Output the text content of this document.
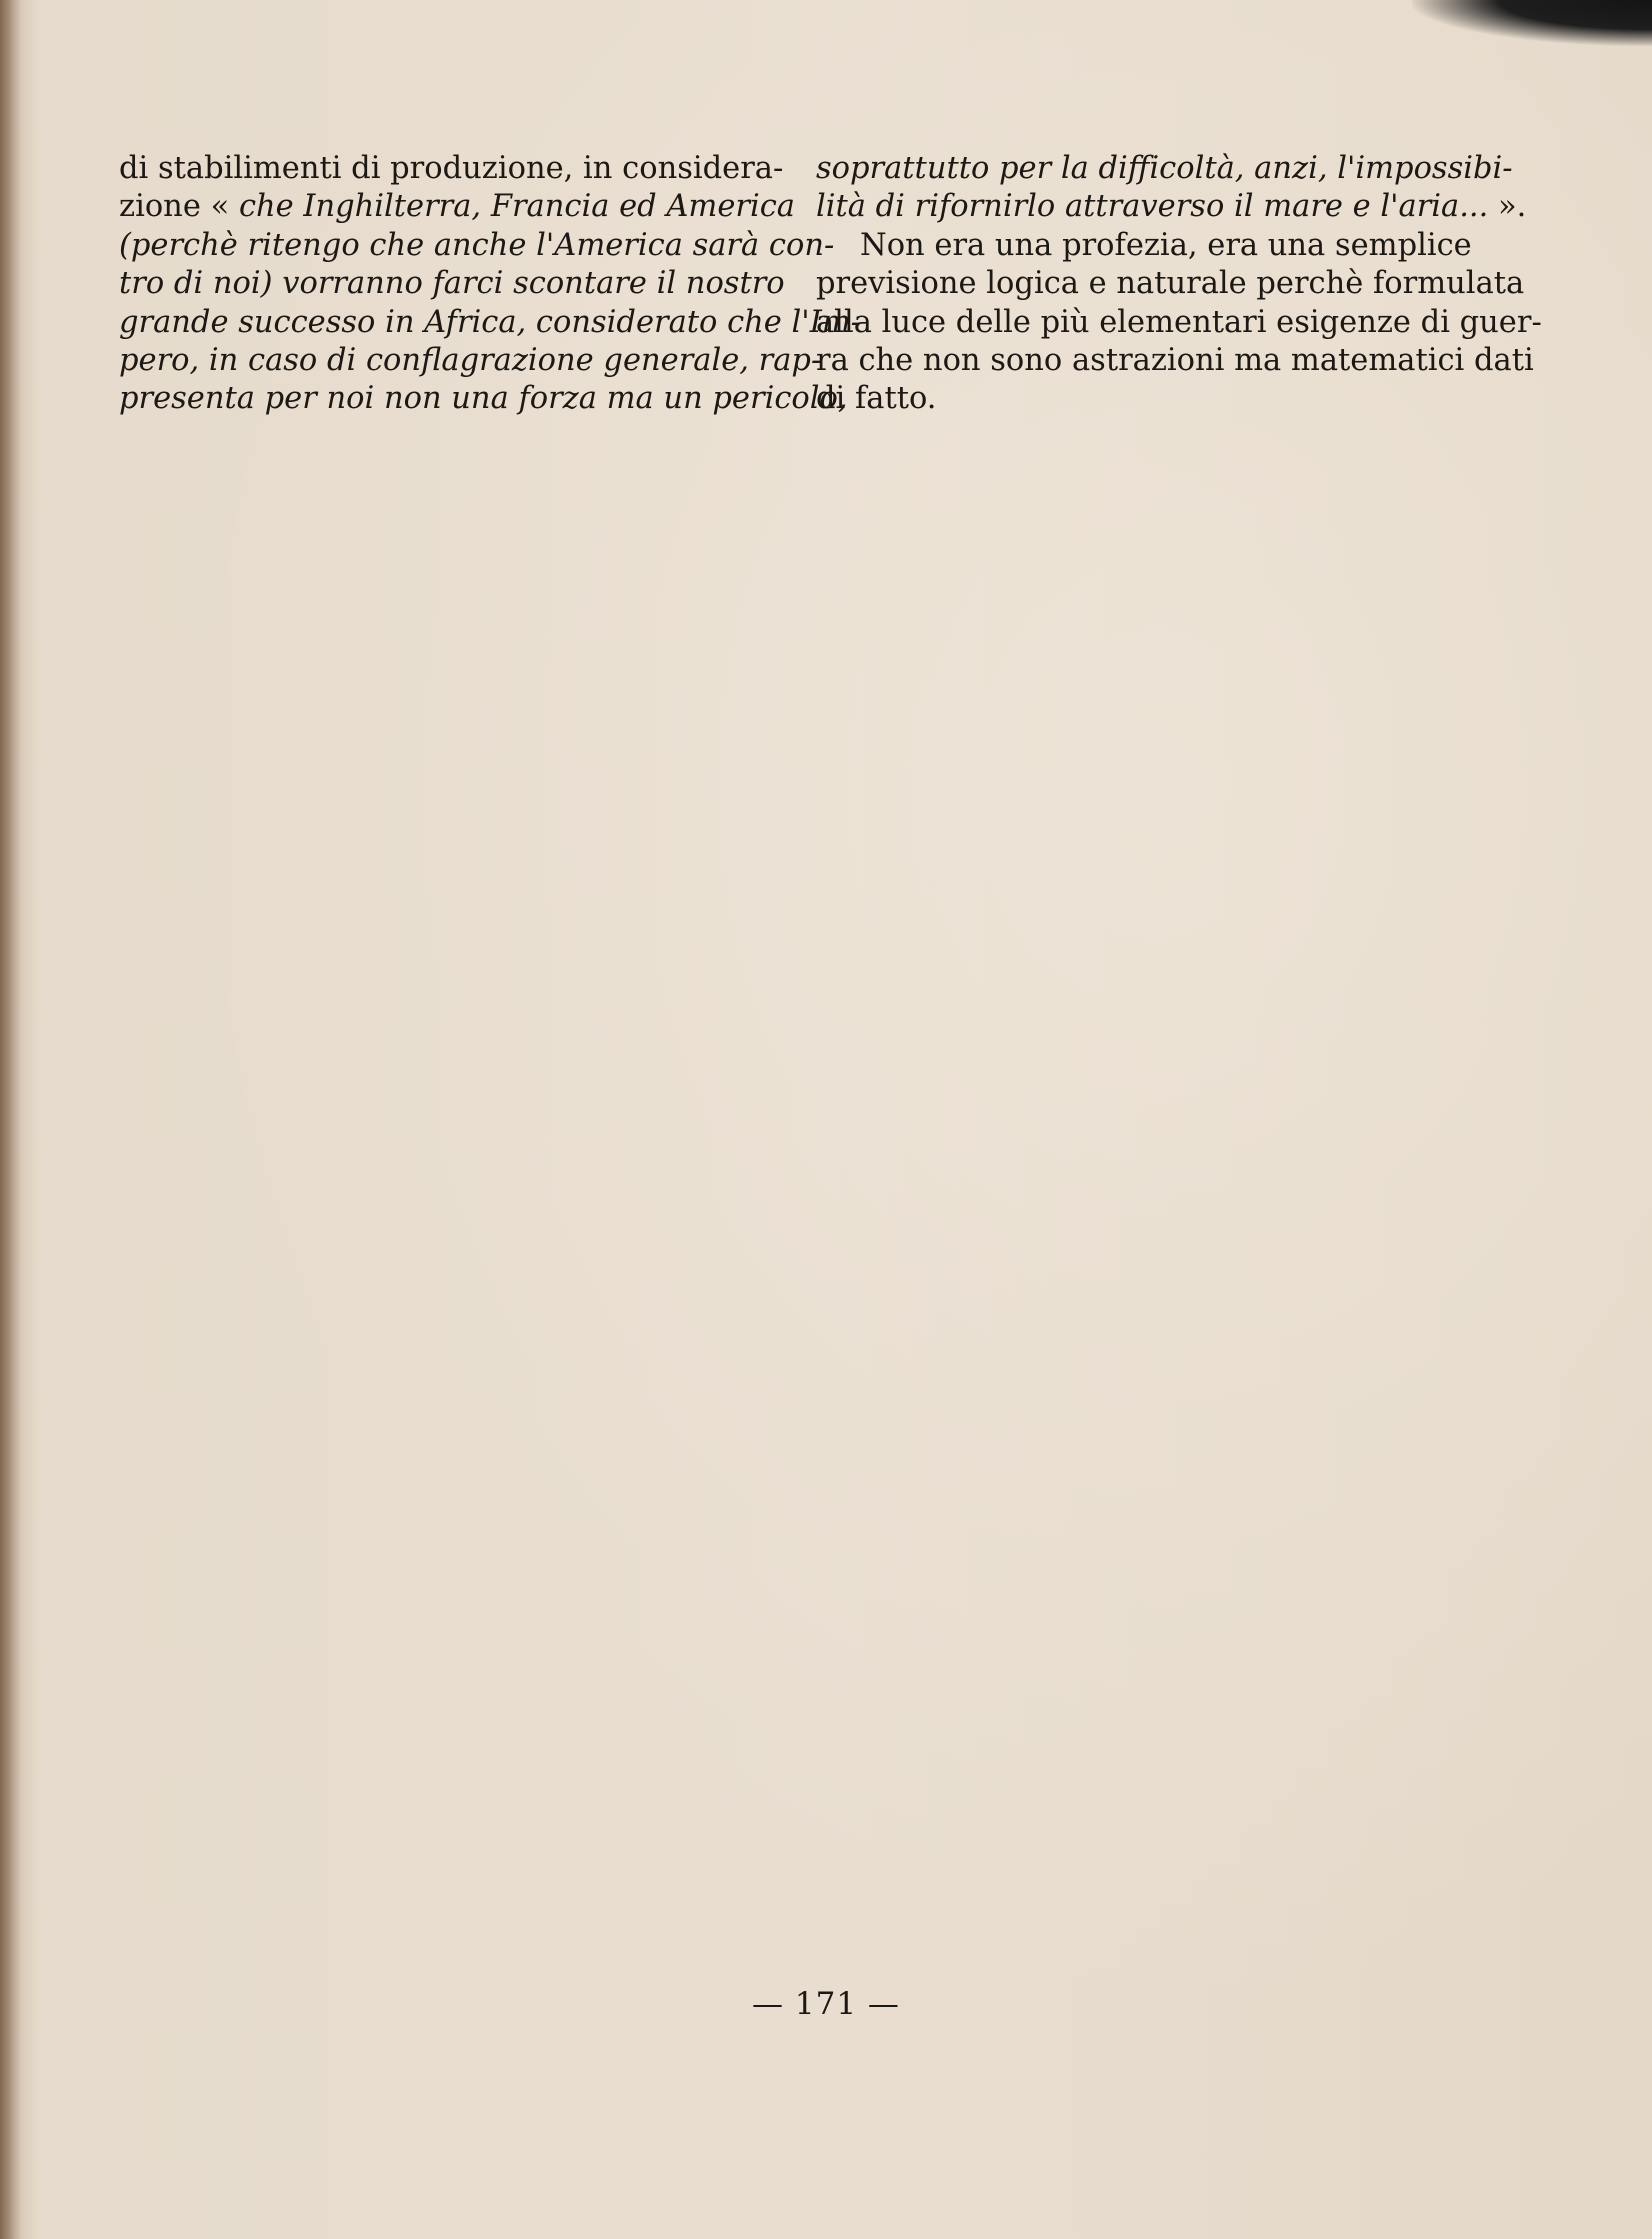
di stabilimenti di produzione, in considera-
zione « che Inghilterra, Francia ed America
(perchè ritengo che anche l'America sarà con-
tro di noi) vorranno farci scontare il nostro
grande successo in Africa, considerato che l'Im-
pero, in caso di conflagrazione generale, rap-
presenta per noi non una forza ma un pericolo,
soprattutto per la difficoltà, anzi, l'impossibi-
lità di rifornirlo attraverso il mare e l'aria... ».
Non era una profezia, era una semplice
previsione logica e naturale perchè formulata
alla luce delle più elementari esigenze di guer-
ra che non sono astrazioni ma matematici dati
di fatto.
— 171 —
